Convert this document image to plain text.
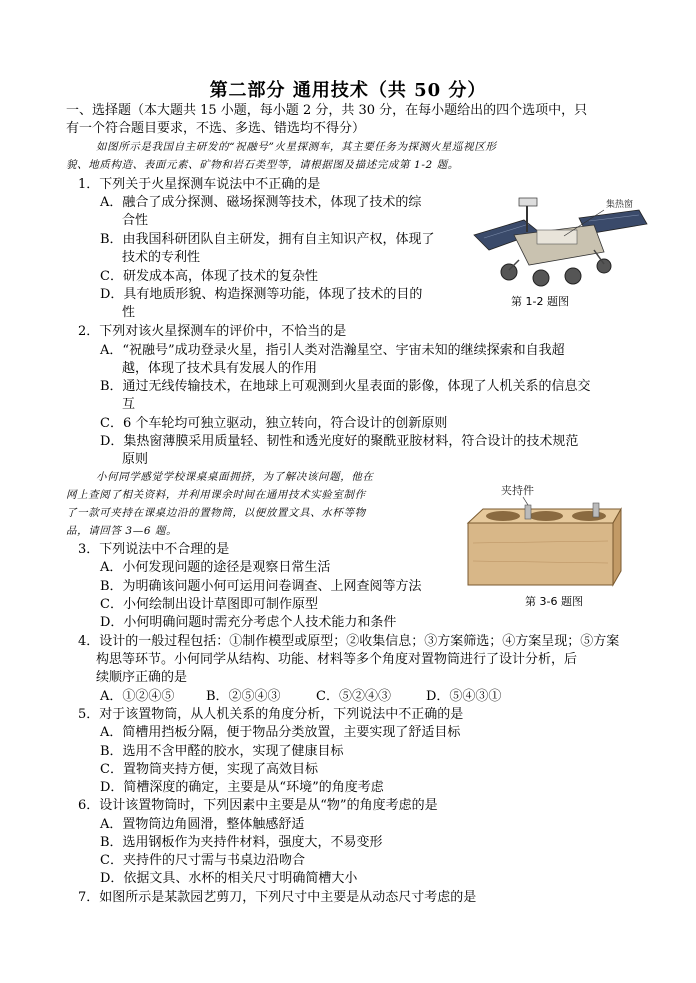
第二部分 通用技术（共 50 分）
一、选择题（本大题共 15 小题，每小题 2 分，共 30 分，在每小题给出的四个选项中，只
有一个符合题目要求，不选、多选、错选均不得分）
如图所示是我国自主研发的“祝融号”火星探测车，其主要任务为探测火星巡视区形
貌、地质构造、表面元素、矿物和岩石类型等，请根据图及描述完成第 1-2 题。
1．下列关于火星探测车说法中不正确的是
A．融合了成分探测、磁场探测等技术，体现了技术的综
合性
B．由我国科研团队自主研发，拥有自主知识产权，体现了
技术的专利性
C．研发成本高，体现了技术的复杂性
D．具有地质形貌、构造探测等功能，体现了技术的目的
性
集热窗
第 1-2 题图
2．下列对该火星探测车的评价中，不恰当的是
A．“祝融号”成功登录火星，指引人类对浩瀚星空、宇宙未知的继续探索和自我超
越，体现了技术具有发展人的作用
B．通过无线传输技术，在地球上可观测到火星表面的影像，体现了人机关系的信息交
互
C．6 个车轮均可独立驱动，独立转向，符合设计的创新原则
D．集热窗薄膜采用质量轻、韧性和透光度好的聚酰亚胺材料，符合设计的技术规范
原则
小何同学感觉学校课桌桌面拥挤，为了解决该问题，他在
网上查阅了相关资料，并利用课余时间在通用技术实验室制作
了一款可夹持在课桌边沿的置物筒，以便放置文具、水杯等物
品，请回答 3—6 题。
夹持件
第 3-6 题图
3．下列说法中不合理的是
A．小何发现问题的途径是观察日常生活
B．为明确该问题小何可运用问卷调查、上网查阅等方法
C．小何绘制出设计草图即可制作原型
D．小何明确问题时需充分考虑个人技术能力和条件
4．设计的一般过程包括：①制作模型或原型；②收集信息；③方案筛选；④方案呈现；⑤方案
构思等环节。小何同学从结构、功能、材料等多个角度对置物筒进行了设计分析，后
续顺序正确的是
A．①②④⑤ B．②⑤④③	C．⑤②④③	D．⑤④③①
5．对于该置物筒，从人机关系的角度分析，下列说法中不正确的是
A．简槽用挡板分隔，便于物品分类放置，主要实现了舒适目标
B．选用不含甲醛的胶水，实现了健康目标
C．置物筒夹持方便，实现了高效目标
D．简槽深度的确定，主要是从“环境”的角度考虑
6．设计该置物筒时，下列因素中主要是从“物”的角度考虑的是
A．置物筒边角圆滑，整体触感舒适
B．选用钢板作为夹持件材料，强度大，不易变形
C．夹持件的尺寸需与书桌边沿吻合
D．依据文具、水杯的相关尺寸明确简槽大小
7．如图所示是某款园艺剪刀，下列尺寸中主要是从动态尺寸考虑的是
